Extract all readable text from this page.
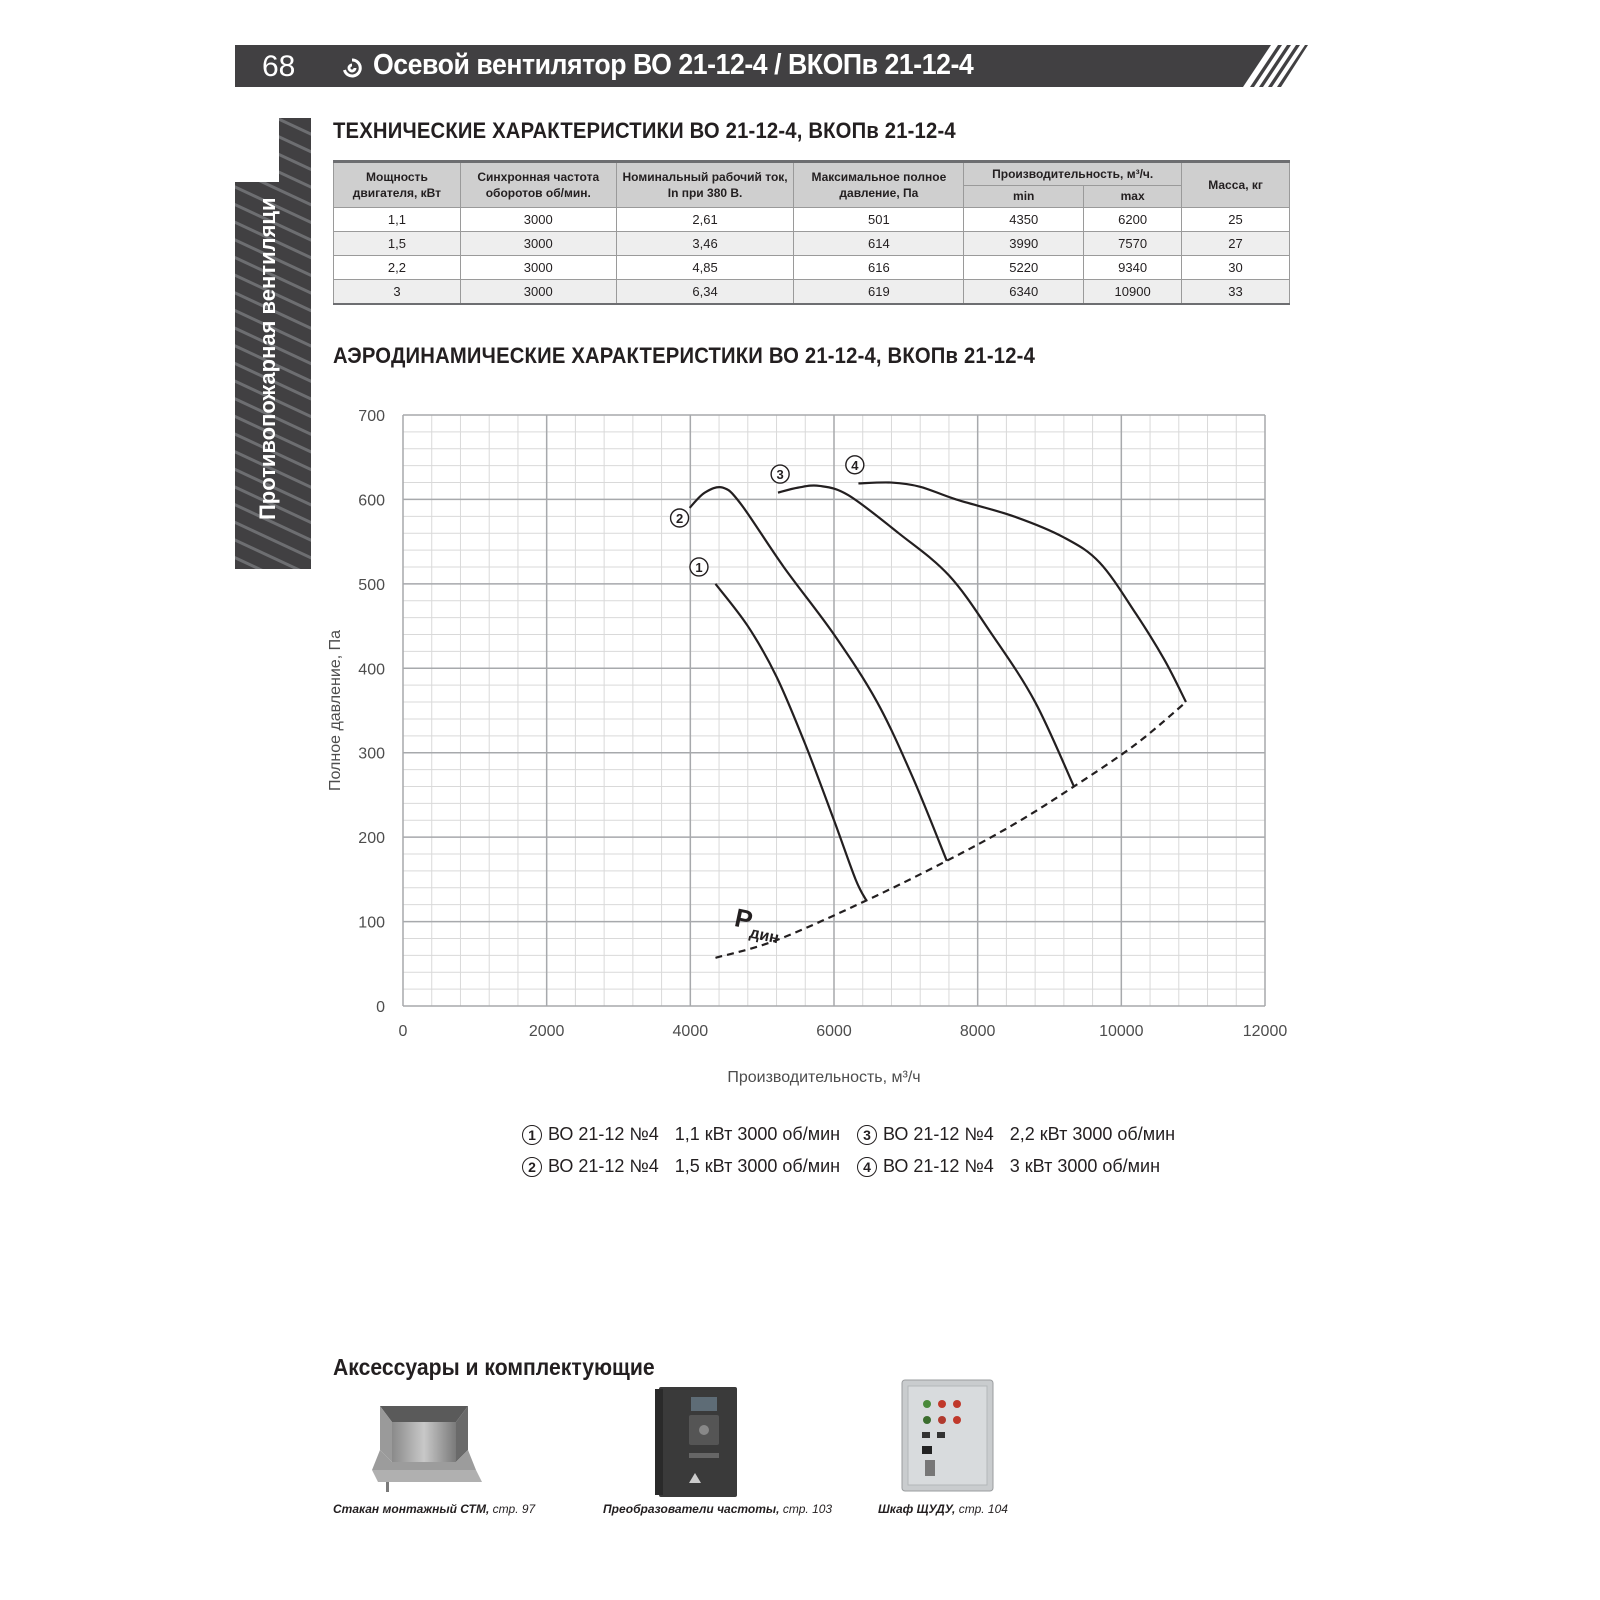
68	Осевой вентилятор ВО 21-12-4 / ВКОПв 21-12-4
Противопожарная вентиляци
ТЕХНИЧЕСКИЕ ХАРАКТЕРИСТИКИ ВО 21-12-4, ВКОПв 21-12-4
Мощность двигателя, кВт	Синхронная частота оборотов об/мин.	Номинальный рабочий ток, In при 380 В.	Максимальное полное давление, Па	Производительность, м³/ч.		Масса, кг
				min	max	
1,1	3000	2,61	501	4350	6200	25
1,5	3000	3,46	614	3990	7570	27
2,2	3000	4,85	616	5220	9340	30
3	3000	6,34	619	6340	10900	33
АЭРОДИНАМИЧЕСКИЕ ХАРАКТЕРИСТИКИ ВО 21-12-4, ВКОПв 21-12-4
0	2000	4000	6000	8000	10000	12000
0
100
200
300
400
500
600
700
Производительность, м³/ч
Полное давление, Па
1
2
3
4
Pдин
1 ВО 21-12 №4 1,1 кВт 3000 об/мин
2 ВО 21-12 №4 1,5 кВт 3000 об/мин
3 ВО 21-12 №4 2,2 кВт 3000 об/мин
4 ВО 21-12 №4 3 кВт 3000 об/мин
Аксессуары и комплектующие
Стакан монтажный СТМ, стр. 97	Преобразователи частоты, стр. 103	Шкаф ЩУДУ, стр. 104
